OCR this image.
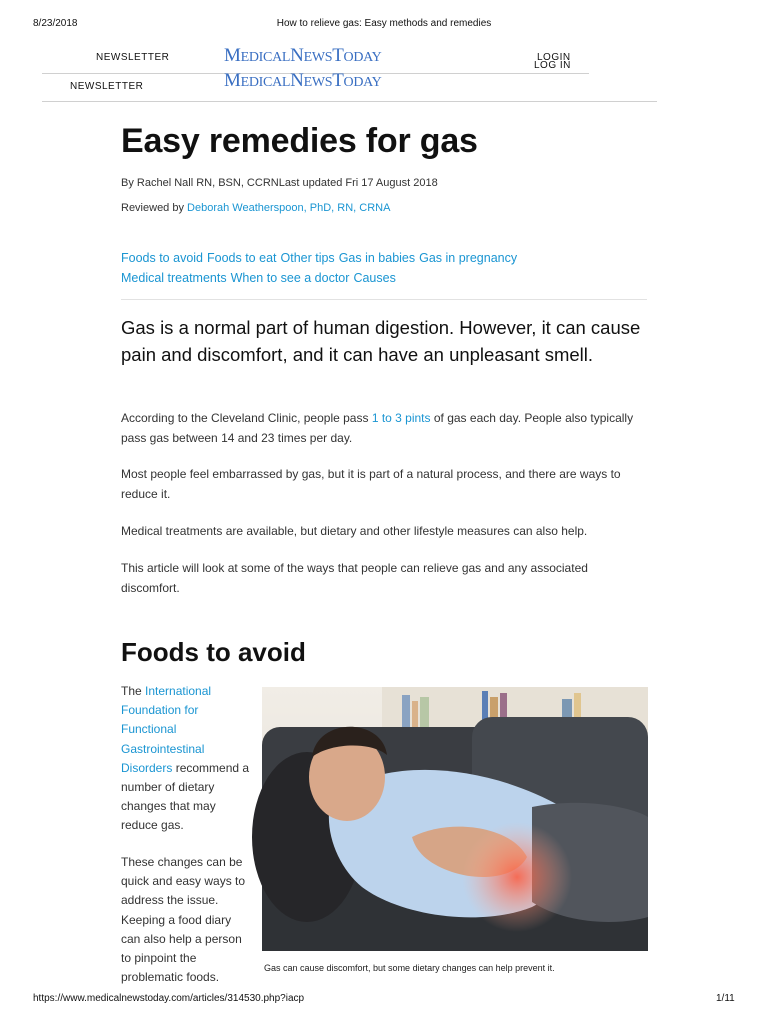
8/23/2018	How to relieve gas: Easy methods and remedies
NEWSLETTER	MEDICALNEWSTODAY	LOGIN
MEDICALNEWSTODAY
LOG IN
NEWSLETTER
Easy remedies for gas
By Rachel Nall RN, BSN, CCRNLast updated Fri 17 August 2018
Reviewed by Deborah Weatherspoon, PhD, RN, CRNA
Foods to avoid Foods to eat Other tips Gas in babies Gas in pregnancy
Medical treatments When to see a doctor Causes

Gas is a normal part of human digestion. However, it can cause pain and discomfort, and it can have an unpleasant smell.

According to the Cleveland Clinic, people pass 1 to 3 pints of gas each day. People also typically pass gas between 14 and 23 times per day.

Most people feel embarrassed by gas, but it is part of a natural process, and there are ways to reduce it.

Medical treatments are available, but dietary and other lifestyle measures can also help.

This article will look at some of the ways that people can relieve gas and any associated discomfort.

Foods to avoid

The International Foundation for Functional Gastrointestinal Disorders recommend a number of dietary changes that may reduce gas.

These changes can be quick and easy ways to address the issue. Keeping a food diary can also help a person to pinpoint the problematic foods.

Gas can cause discomfort, but some dietary changes can help prevent it.
https://www.medicalnewstoday.com/articles/314530.php?iacp	1/11
